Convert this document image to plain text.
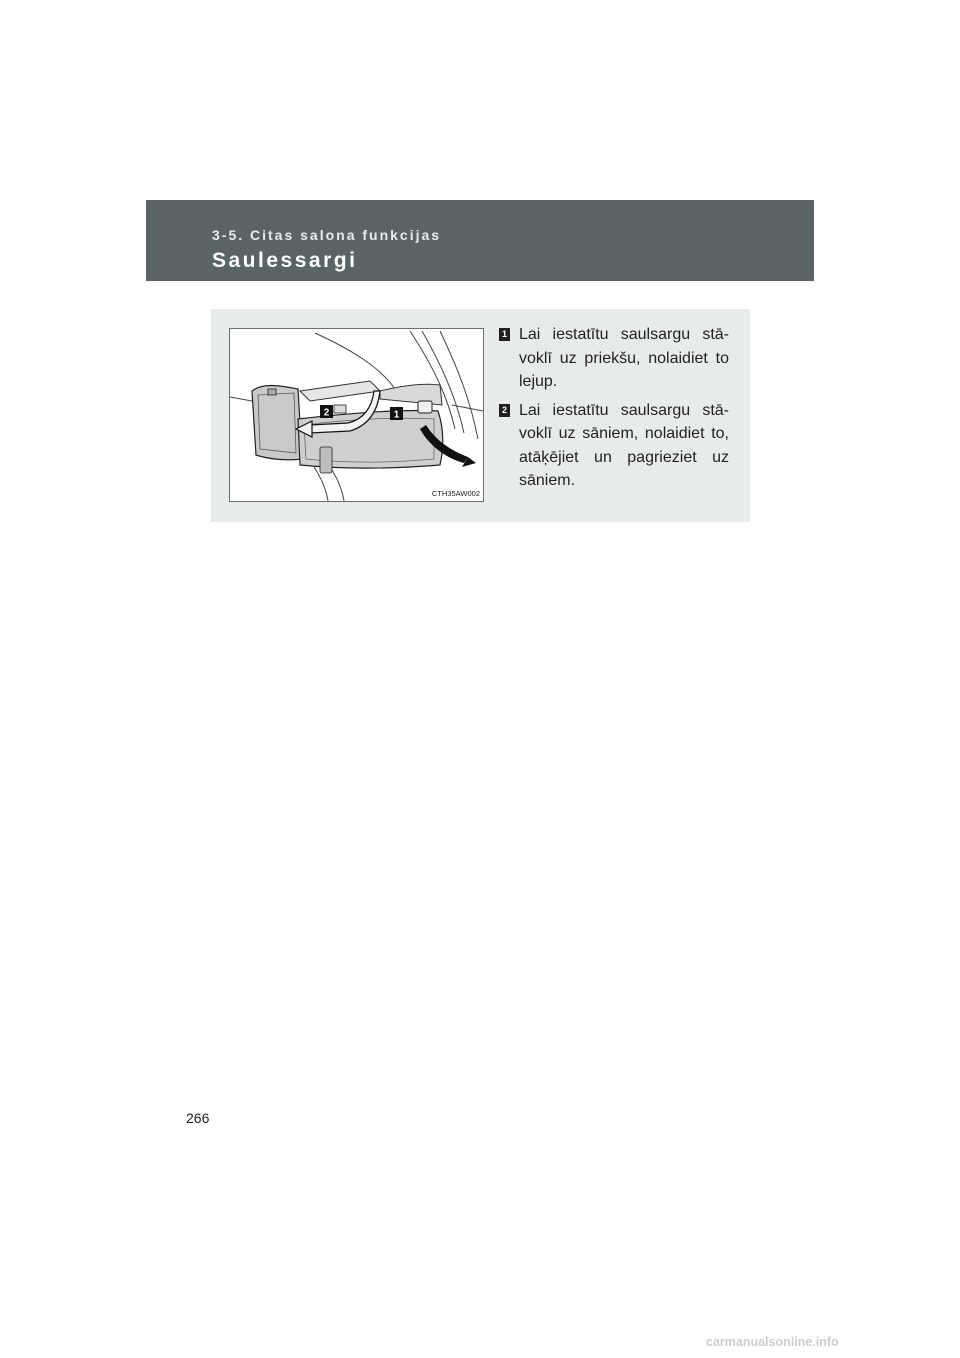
3-5. Citas salona funkcijas
Saulessargi
2	1
CTH35AW002
1 Lai iestatītu saulsargu stā-voklī uz priekšu, nolaidiet to lejup.
2 Lai iestatītu saulsargu stā-voklī uz sāniem, nolaidiet to, atāķējiet un pagrieziet uz sāniem.
266
carmanualsonline.info
